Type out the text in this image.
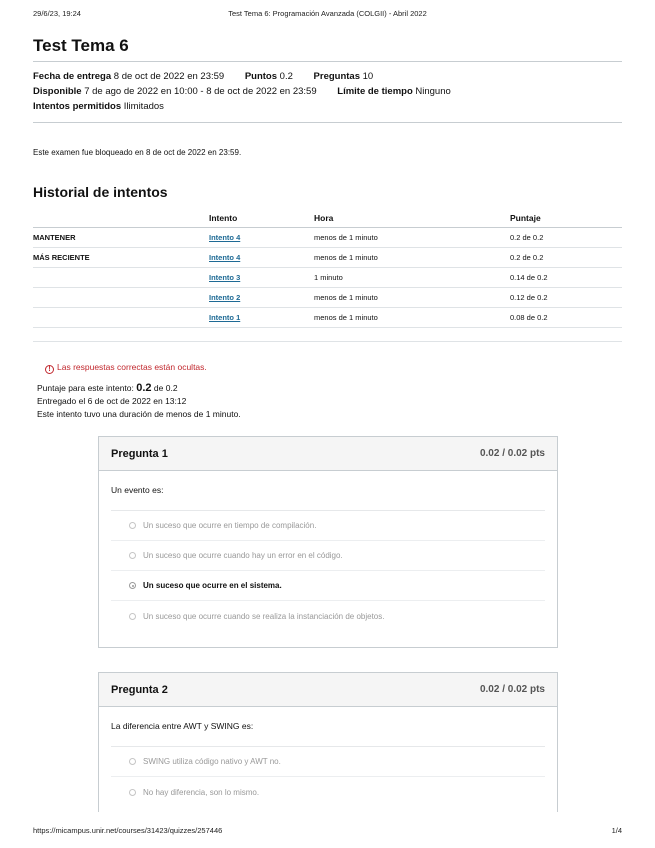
29/6/23, 19:24	Test Tema 6: Programación Avanzada (COLGII) - Abril 2022
Test Tema 6
Fecha de entrega 8 de oct de 2022 en 23:59 Puntos 0.2 Preguntas 10
Disponible 7 de ago de 2022 en 10:00 - 8 de oct de 2022 en 23:59 Límite de tiempo Ninguno
Intentos permitidos Ilimitados

Este examen fue bloqueado en 8 de oct de 2022 en 23:59.

Historial de intentos
	Intento	Hora	Puntaje
MANTENER	Intento 4	menos de 1 minuto	0.2 de 0.2
MÁS RECIENTE	Intento 4	menos de 1 minuto	0.2 de 0.2
	Intento 3	1 minuto	0.14 de 0.2
	Intento 2	menos de 1 minuto	0.12 de 0.2
	Intento 1	menos de 1 minuto	0.08 de 0.2

! Las respuestas correctas están ocultas.
Puntaje para este intento: 0.2 de 0.2
Entregado el 6 de oct de 2022 en 13:12
Este intento tuvo una duración de menos de 1 minuto.
Pregunta 1	0.02 / 0.02 pts
Un evento es:
Un suceso que ocurre en tiempo de compilación.
Un suceso que ocurre cuando hay un error en el código.
Un suceso que ocurre en el sistema.
Un suceso que ocurre cuando se realiza la instanciación de objetos.
Pregunta 2	0.02 / 0.02 pts
La diferencia entre AWT y SWING es:
SWING utiliza código nativo y AWT no.
No hay diferencia, son lo mismo.
https://micampus.unir.net/courses/31423/quizzes/257446	1/4
